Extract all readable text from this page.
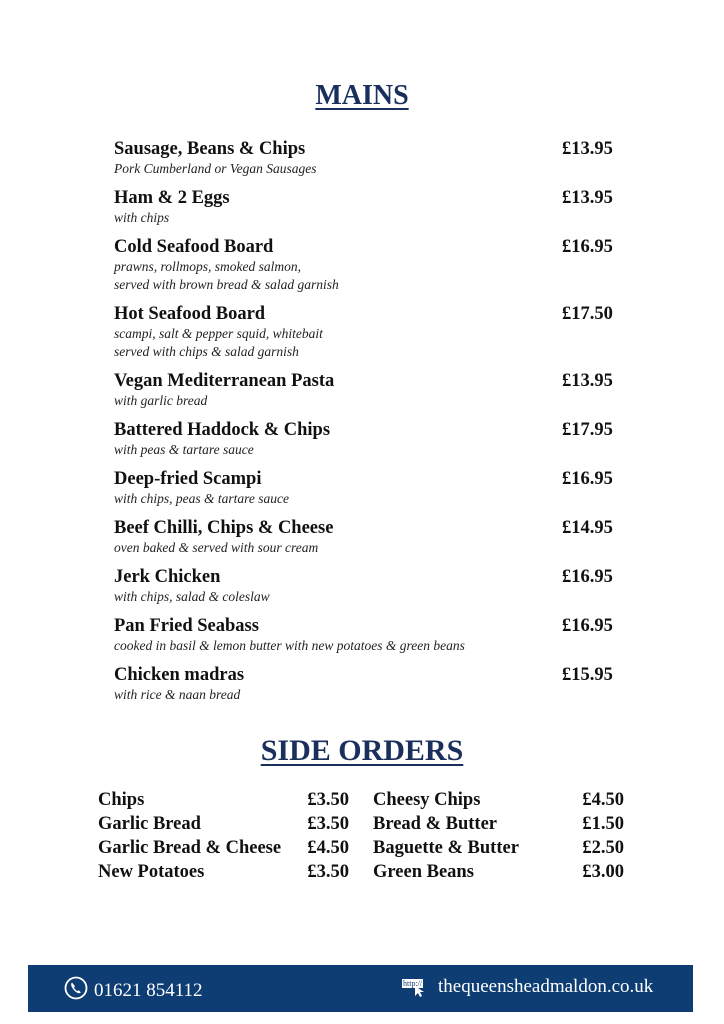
MAINS
Sausage, Beans & Chips	£13.95
Pork Cumberland or Vegan Sausages
Ham & 2 Eggs	£13.95
with chips
Cold Seafood Board	£16.95
prawns, rollmops, smoked salmon,
served with brown bread & salad garnish
Hot Seafood Board	£17.50
scampi, salt & pepper squid, whitebait
served with chips & salad garnish
Vegan Mediterranean Pasta	£13.95
with garlic bread
Battered Haddock & Chips	£17.95
with peas & tartare sauce
Deep-fried Scampi	£16.95
with chips, peas & tartare sauce
Beef Chilli, Chips & Cheese	£14.95
oven baked & served with sour cream
Jerk Chicken	£16.95
with chips, salad & coleslaw
Pan Fried Seabass	£16.95
cooked in basil & lemon butter with new potatoes & green beans
Chicken madras	£15.95
with rice & naan bread
SIDE ORDERS
Chips	£3.50
Garlic Bread	£3.50
Garlic Bread & Cheese £4.50
New Potatoes	£3.50
Cheesy Chips	£4.50
Bread & Butter	£1.50
Baguette & Butter	£2.50
Green Beans	£3.00
01621 854112	http:// thequeensheadmaldon.co.uk
